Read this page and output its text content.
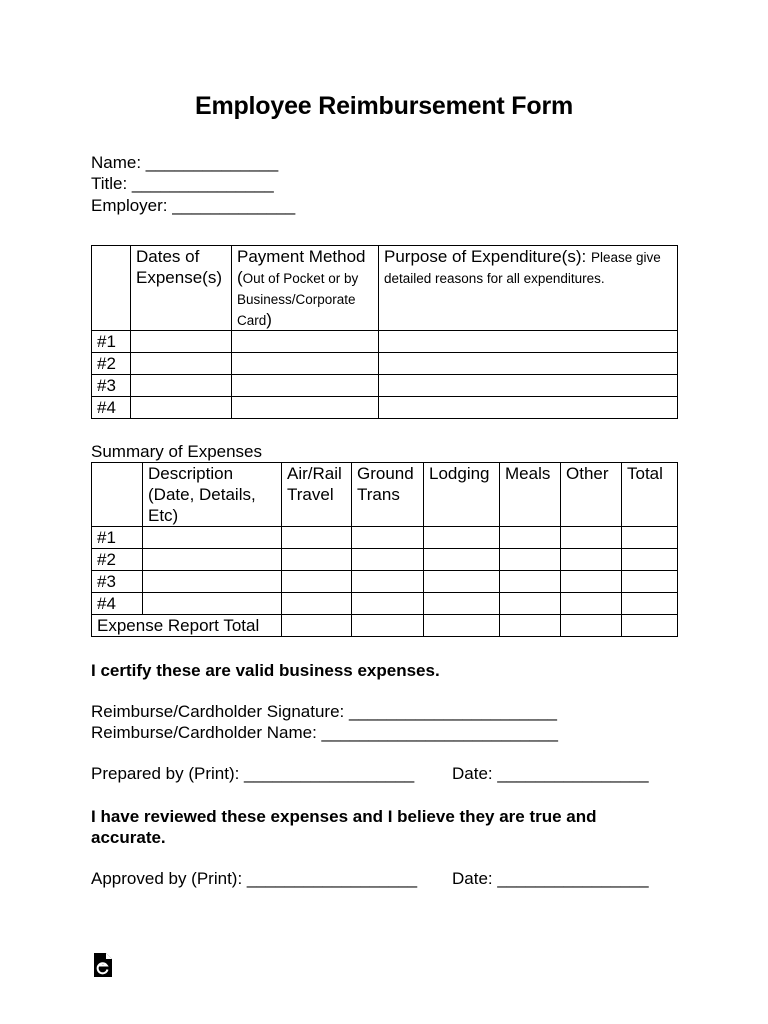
Employee Reimbursement Form
Name: ______________
Title: _______________
Employer: _____________
	Dates of Expense(s)	Payment Method
(Out of Pocket or by Business/Corporate Card)	Purpose of Expenditure(s): Please give detailed reasons for all expenditures.
#1			
#2			
#3			
#4			
Summary of Expenses
	Description (Date, Details, Etc)	Air/Rail Travel	Ground Trans	Lodging	Meals	Other	Total
#1							
#2							
#3							
#4							
Expense Report Total							
I certify these are valid business expenses.
Reimburse/Cardholder Signature: ______________________
Reimburse/Cardholder Name: _________________________
Prepared by (Print): __________________ Date: ________________
I have reviewed these expenses and I believe they are true and accurate.
Approved by (Print): __________________ Date: ________________
